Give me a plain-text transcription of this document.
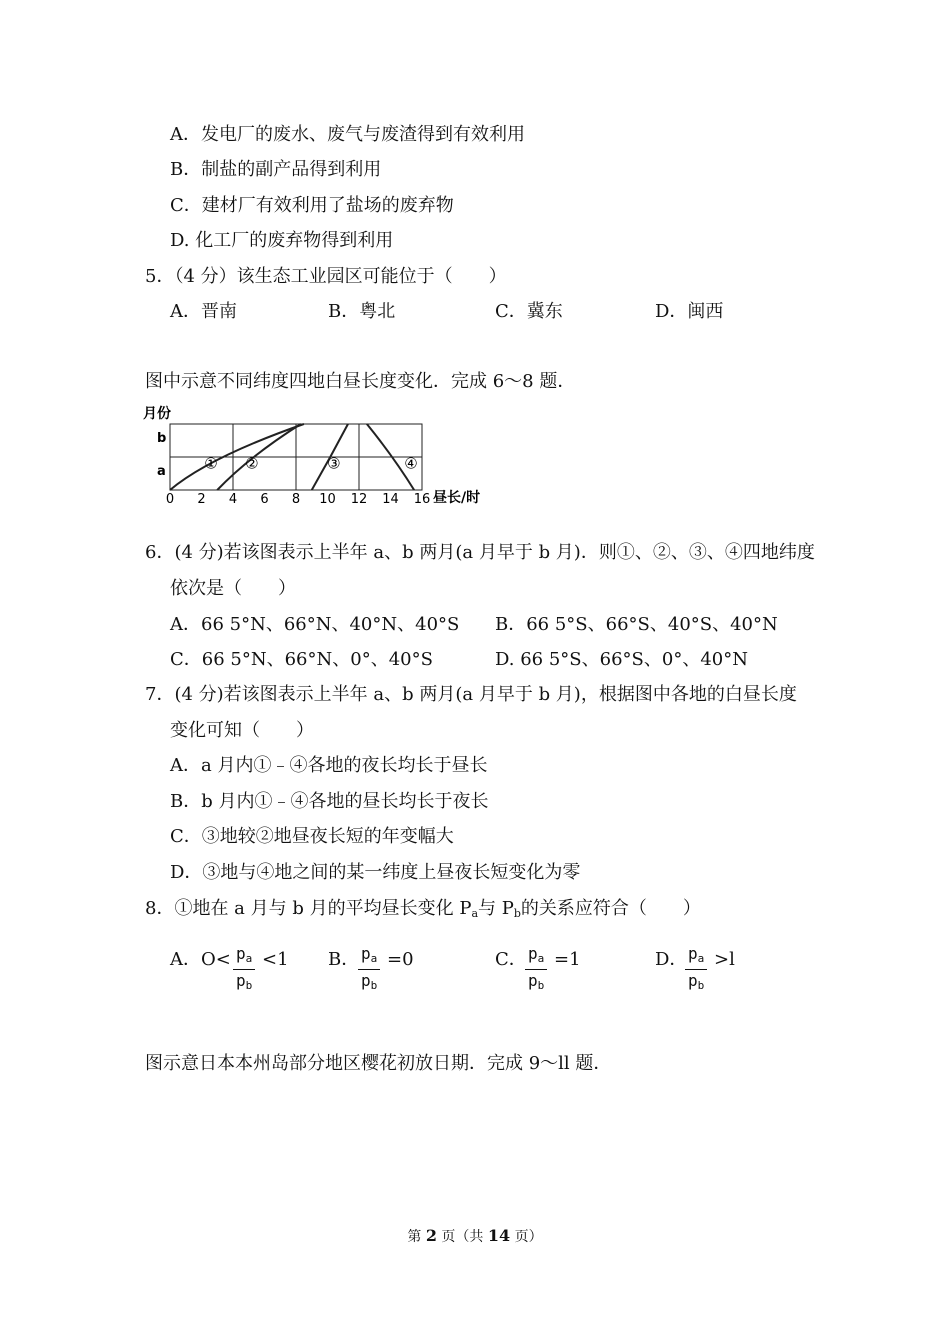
A．发电厂的废水、废气与废渣得到有效利用
B．制盐的副产品得到利用
C．建材厂有效利用了盐场的废弃物
D. 化工厂的废弃物得到利用
5．（4 分）该生态工业园区可能位于（　　）
A．晋南	B．粤北	C．冀东	D．闽西
图中示意不同纬度四地白昼长度变化．完成 6～8 题．
月份
昼长/时
b
a
0 2 4 6 8 10 12 14 16
① ②	③	④
6．(4 分)若该图表示上半年 a、b 两月(a 月早于 b 月)．则①、②、③、④四地纬度
依次是（　　）
A．66 5°N、66°N、40°N、40°S B．66 5°S、66°S、40°S、40°N
C．66 5°N、66°N、0°、40°S	D. 66 5°S、66°S、0°、40°N
7．(4 分)若该图表示上半年 a、b 两月(a 月早于 b 月)，根据图中各地的白昼长度
变化可知（　　）
A．a 月内①﹣④各地的夜长均长于昼长
B．b 月内①﹣④各地的昼长均长于夜长
C．③地较②地昼夜长短的年变幅大
D．③地与④地之间的某一纬度上昼夜长短变化为零
8．①地在 a 月与 b 月的平均昼长变化 $P_a$与 $P_b$的关系应符合（　　）
A．$O< \frac{pa}{pb} <1$ B．
$\frac{pa}{pb} =0$	C．
$\frac{pa}{pb} =1$	D．
$\frac{pa}{pb} >l$
图示意日本本州岛部分地区樱花初放日期．完成 9～ll 题．
第 2 页（共 14 页）
